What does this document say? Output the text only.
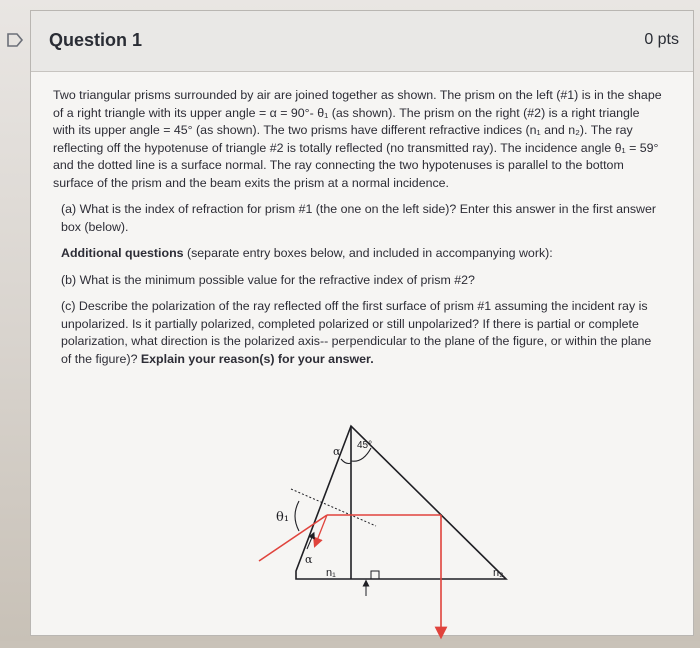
Question 1	0 pts

Two triangular prisms surrounded by air are joined together as shown. The prism on the left (#1) is in the shape of a right triangle with its upper angle = α = 90°- θ₁ (as shown). The prism on the right (#2) is a right triangle with its upper angle = 45° (as shown). The two prisms have different refractive indices (n₁ and n₂). The ray reflecting off the hypotenuse of triangle #2 is totally reflected (no transmitted ray). The incidence angle θ₁ = 59° and the dotted line is a surface normal. The ray connecting the two hypotenuses is parallel to the bottom surface of the prism and the beam exits the prism at a normal incidence.

(a) What is the index of refraction for prism #1 (the one on the left side)? Enter this answer in the first answer box (below).

Additional questions (separate entry boxes below, and included in accompanying work):

(b) What is the minimum possible value for the refractive index of prism #2?

(c) Describe the polarization of the ray reflected off the first surface of prism #1 assuming the incident ray is unpolarized. Is it partially polarized, completed polarized or still unpolarized? If there is partial or complete polarization, what direction is the polarized axis-- perpendicular to the plane of the figure, or within the plane of the figure)? Explain your reason(s) for your answer.

α 45°
θ₁
α
n₁	n₂
